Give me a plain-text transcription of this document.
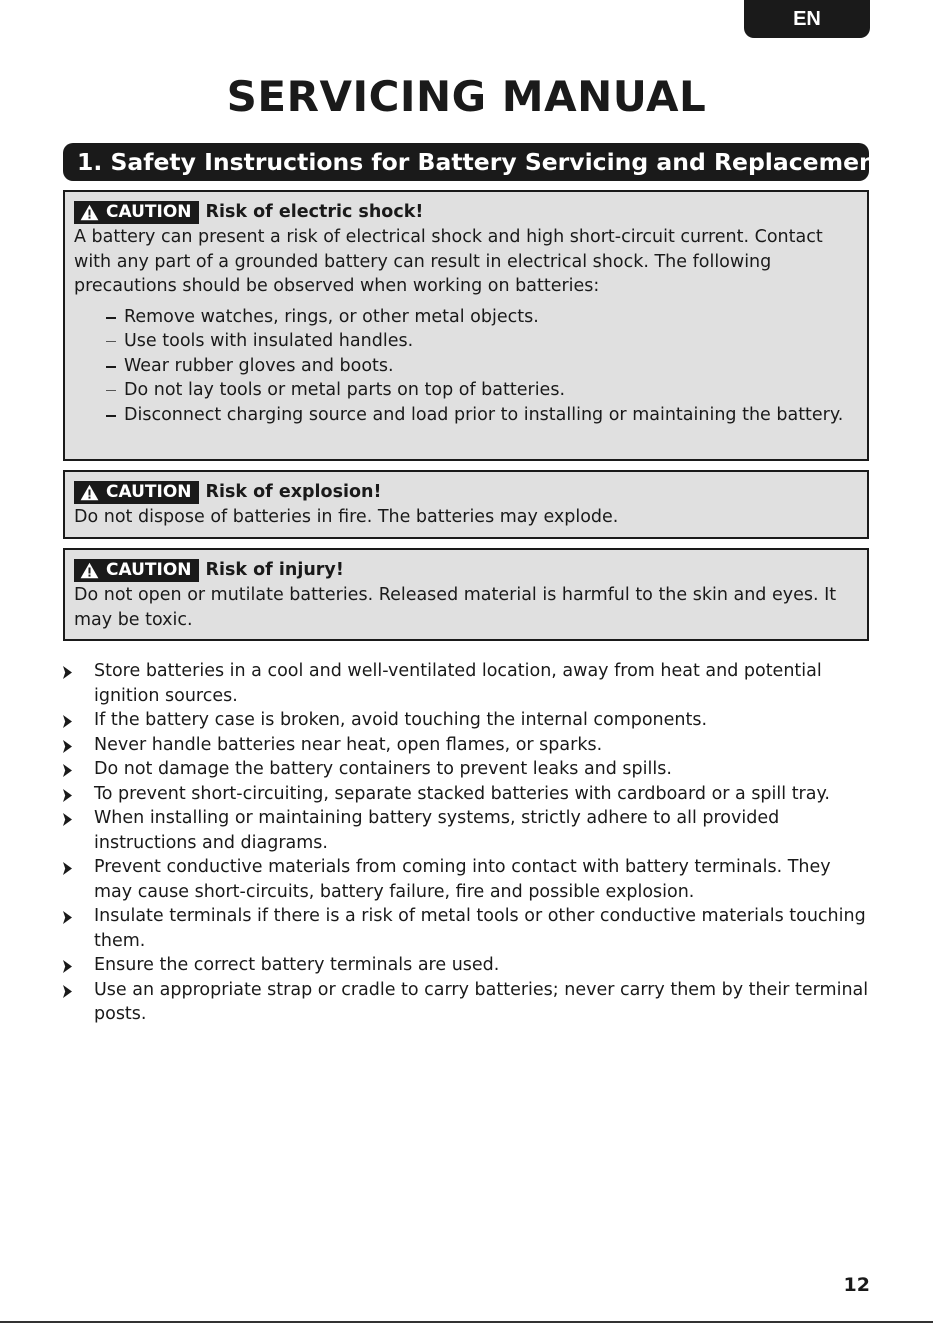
EN
SERVICING MANUAL
1. Safety Instructions for Battery Servicing and Replacement
CAUTION Risk of electric shock!

A battery can present a risk of electrical shock and high short-circuit current. Contact with any part of a grounded battery can result in electrical shock. The following precautions should be observed when working on batteries:

Remove watches, rings, or other metal objects.
Use tools with insulated handles.
Wear rubber gloves and boots.
Do not lay tools or metal parts on top of batteries.
Disconnect charging source and load prior to installing or maintaining the battery.
CAUTION Risk of explosion!

Do not dispose of batteries in fire. The batteries may explode.

CAUTION Risk of injury!

Do not open or mutilate batteries. Released material is harmful to the skin and eyes. It may be toxic.

Store batteries in a cool and well-ventilated location, away from heat and potential ignition sources.
If the battery case is broken, avoid touching the internal components.
Never handle batteries near heat, open flames, or sparks.
Do not damage the battery containers to prevent leaks and spills.
To prevent short-circuiting, separate stacked batteries with cardboard or a spill tray.
When installing or maintaining battery systems, strictly adhere to all provided instructions and diagrams.
Prevent conductive materials from coming into contact with battery terminals. They may cause short-circuits, battery failure, fire and possible explosion.
Insulate terminals if there is a risk of metal tools or other conductive materials touching them.
Ensure the correct battery terminals are used.
Use an appropriate strap or cradle to carry batteries; never carry them by their terminal posts.
12
